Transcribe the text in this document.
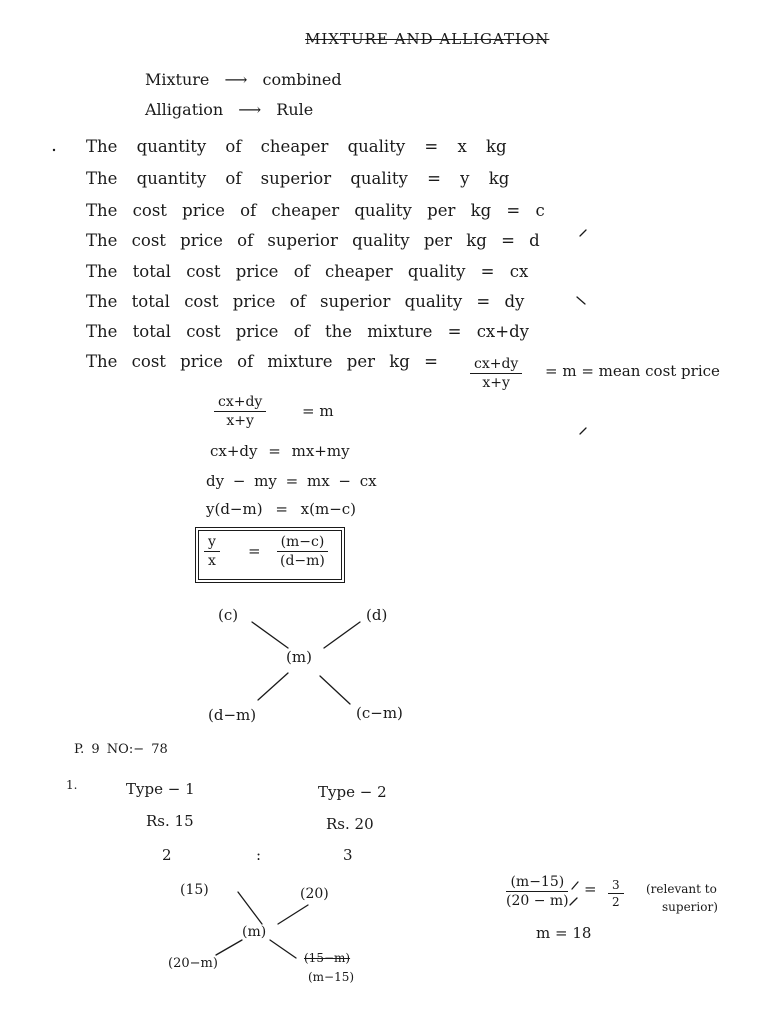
MIXTURE AND ALLIGATION
Mixture ⟶ combined
Alligation ⟶ Rule
The quantity of cheaper quality = x kg
The quantity of superior quality = y kg
The cost price of cheaper quality per kg = c
The cost price of superior quality per kg = d
The total cost price of cheaper quality = cx
The total cost price of superior quality = dy
The total cost price of the mixture = cx+dy
The cost price of mixture per kg = $\frac{cx+dy}{x+y} = m$ = mean cost price
$\frac{cx+dy}{x+y} = m$
cx+dy = mx+my
dy − my = mx − cx
y(d−m) = x(m−c)
$\frac{y}{x} = \frac{(m-c)}{(d-m)}$
(c)	(d)
(m)
(d−m)	(c−m)
P. 9 NO:− 78
1.	Type − 1	Type − 2
Rs. 15	Rs. 20
2	:	3
(15)	(20)
(m)
(20−m)	(15−m)
(m−15)
$\frac{(m-15)}{(20 - m)} = \frac{3}{2}$ (relevant to
superior)
m = 18
